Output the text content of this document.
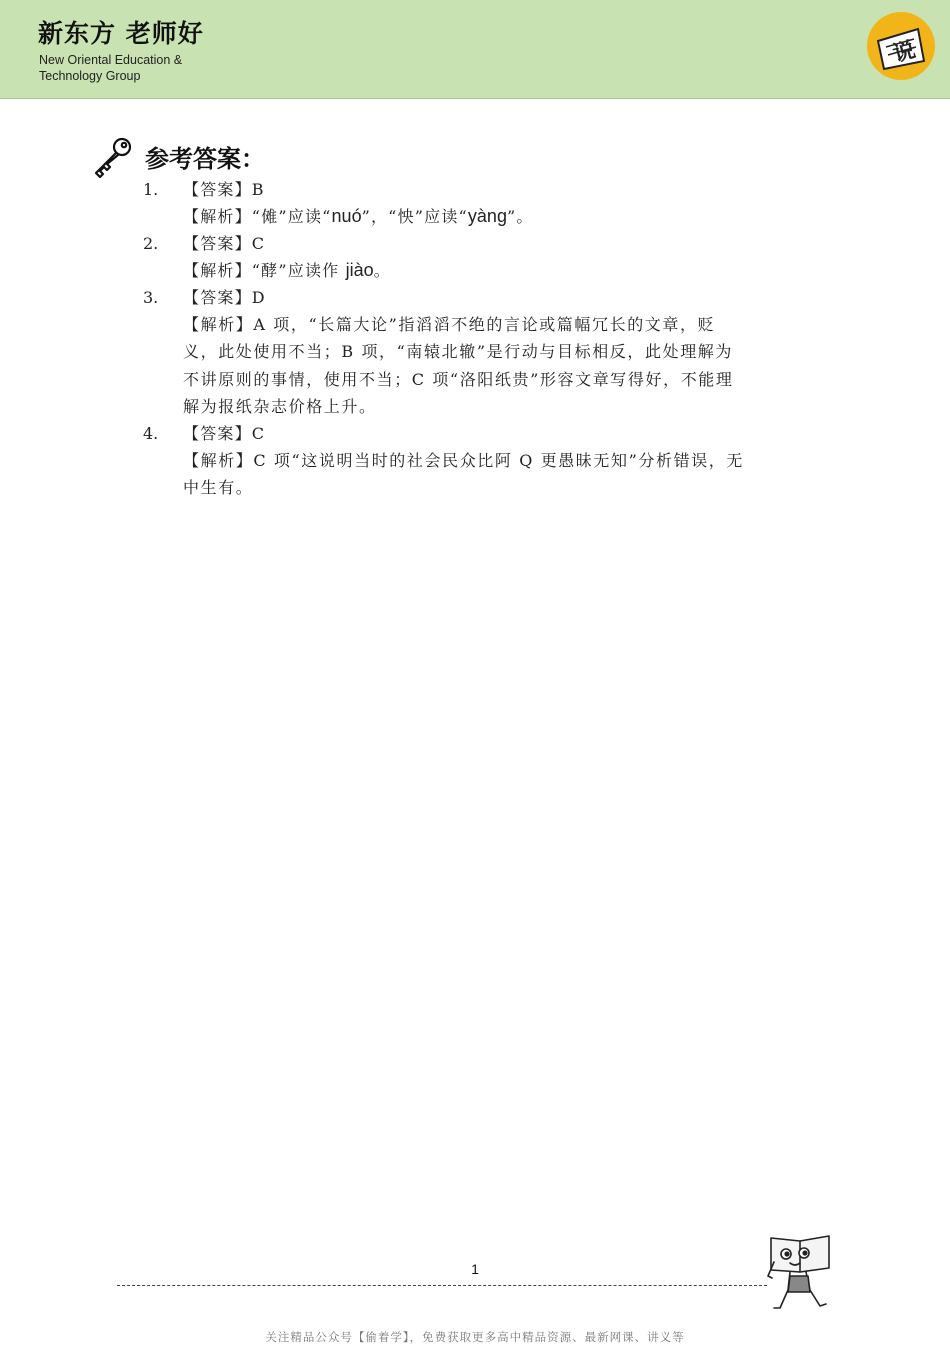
新东方 老师好
New Oriental Education &
Technology Group
说
参考答案：
1. 【答案】B
【解析】“傩”应读“nuó”，“怏”应读“yàng”。
2. 【答案】C
【解析】“酵”应读作 jiào。
3. 【答案】D
【解析】A 项，“长篇大论”指滔滔不绝的言论或篇幅冗长的文章，贬
义，此处使用不当；B 项，“南辕北辙”是行动与目标相反，此处理解为
不讲原则的事情，使用不当；C 项“洛阳纸贵”形容文章写得好，不能理
解为报纸杂志价格上升。
4. 【答案】C
【解析】C 项“这说明当时的社会民众比阿 Q 更愚昧无知”分析错误，无
中生有。
1
关注精品公众号【偷着学】，免费获取更多高中精品资源、最新网课、讲义等
